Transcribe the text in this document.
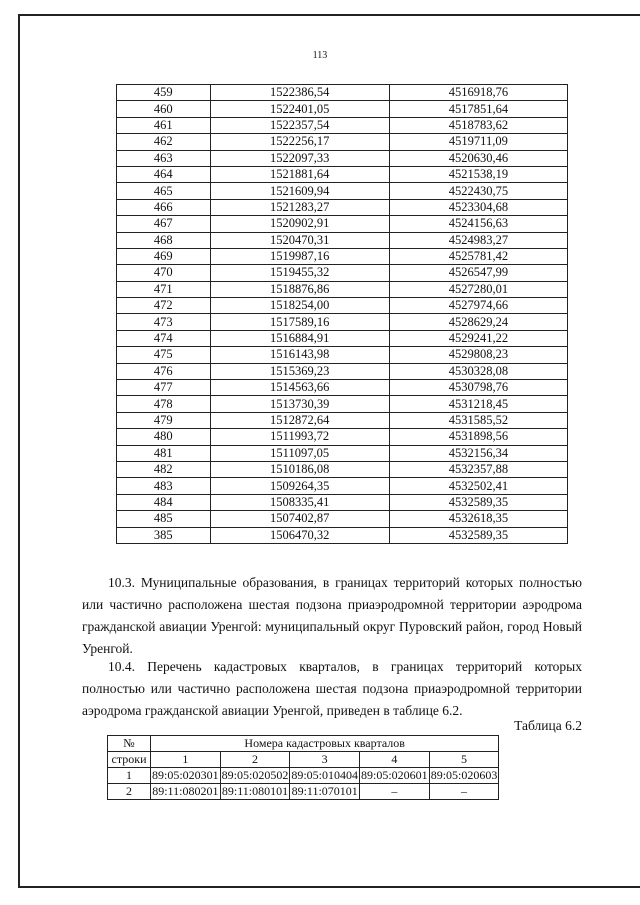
113
459	1522386,54	4516918,76
460	1522401,05	4517851,64
461	1522357,54	4518783,62
462	1522256,17	4519711,09
463	1522097,33	4520630,46
464	1521881,64	4521538,19
465	1521609,94	4522430,75
466	1521283,27	4523304,68
467	1520902,91	4524156,63
468	1520470,31	4524983,27
469	1519987,16	4525781,42
470	1519455,32	4526547,99
471	1518876,86	4527280,01
472	1518254,00	4527974,66
473	1517589,16	4528629,24
474	1516884,91	4529241,22
475	1516143,98	4529808,23
476	1515369,23	4530328,08
477	1514563,66	4530798,76
478	1513730,39	4531218,45
479	1512872,64	4531585,52
480	1511993,72	4531898,56
481	1511097,05	4532156,34
482	1510186,08	4532357,88
483	1509264,35	4532502,41
484	1508335,41	4532589,35
485	1507402,87	4532618,35
385	1506470,32	4532589,35
10.3. Муниципальные образования, в границах территорий которых полностью или частично расположена шестая подзона приаэродромной территории аэродрома гражданской авиации Уренгой: муниципальный округ Пуровский район, город Новый Уренгой.
10.4. Перечень кадастровых кварталов, в границах территорий которых полностью или частично расположена шестая подзона приаэродромной территории аэродрома гражданской авиации Уренгой, приведен в таблице 6.2.
Таблица 6.2
№	Номера кадастровых кварталов				
строки	1	2	3	4	5
1	89:05:020301	89:05:020502	89:05:010404	89:05:020601	89:05:020603
2	89:11:080201	89:11:080101	89:11:070101	–	–
